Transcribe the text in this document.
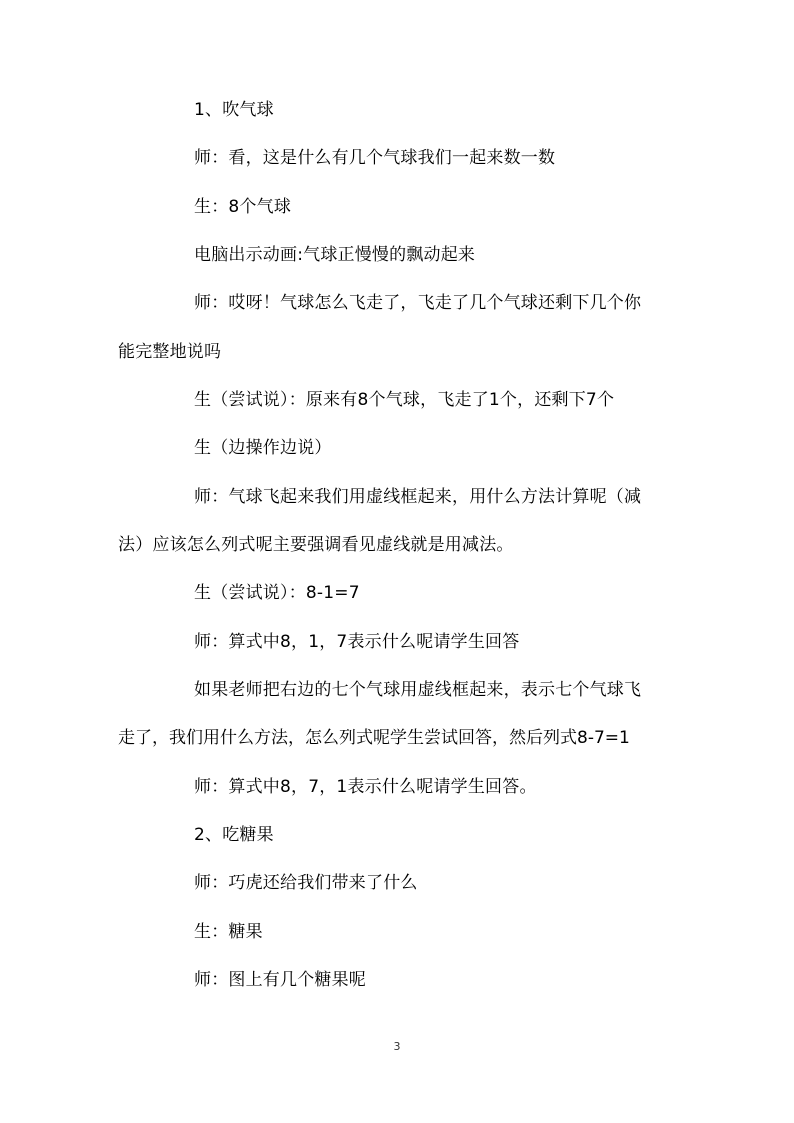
1、吹气球
师：看，这是什么有几个气球我们一起来数一数
生：8个气球
电脑出示动画:气球正慢慢的飘动起来
师：哎呀！气球怎么飞走了，飞走了几个气球还剩下几个你
能完整地说吗
生（尝试说）：原来有8个气球，飞走了1个，还剩下7个
生（边操作边说）
师：气球飞起来我们用虚线框起来，用什么方法计算呢（减
法）应该怎么列式呢主要强调看见虚线就是用减法。
生（尝试说）：8-1=7
师：算式中8，1，7表示什么呢请学生回答
如果老师把右边的七个气球用虚线框起来，表示七个气球飞
走了，我们用什么方法，怎么列式呢学生尝试回答，然后列式8-7=1
师：算式中8，7，1表示什么呢请学生回答。
2、吃糖果
师：巧虎还给我们带来了什么
生：糖果
师：图上有几个糖果呢
3
